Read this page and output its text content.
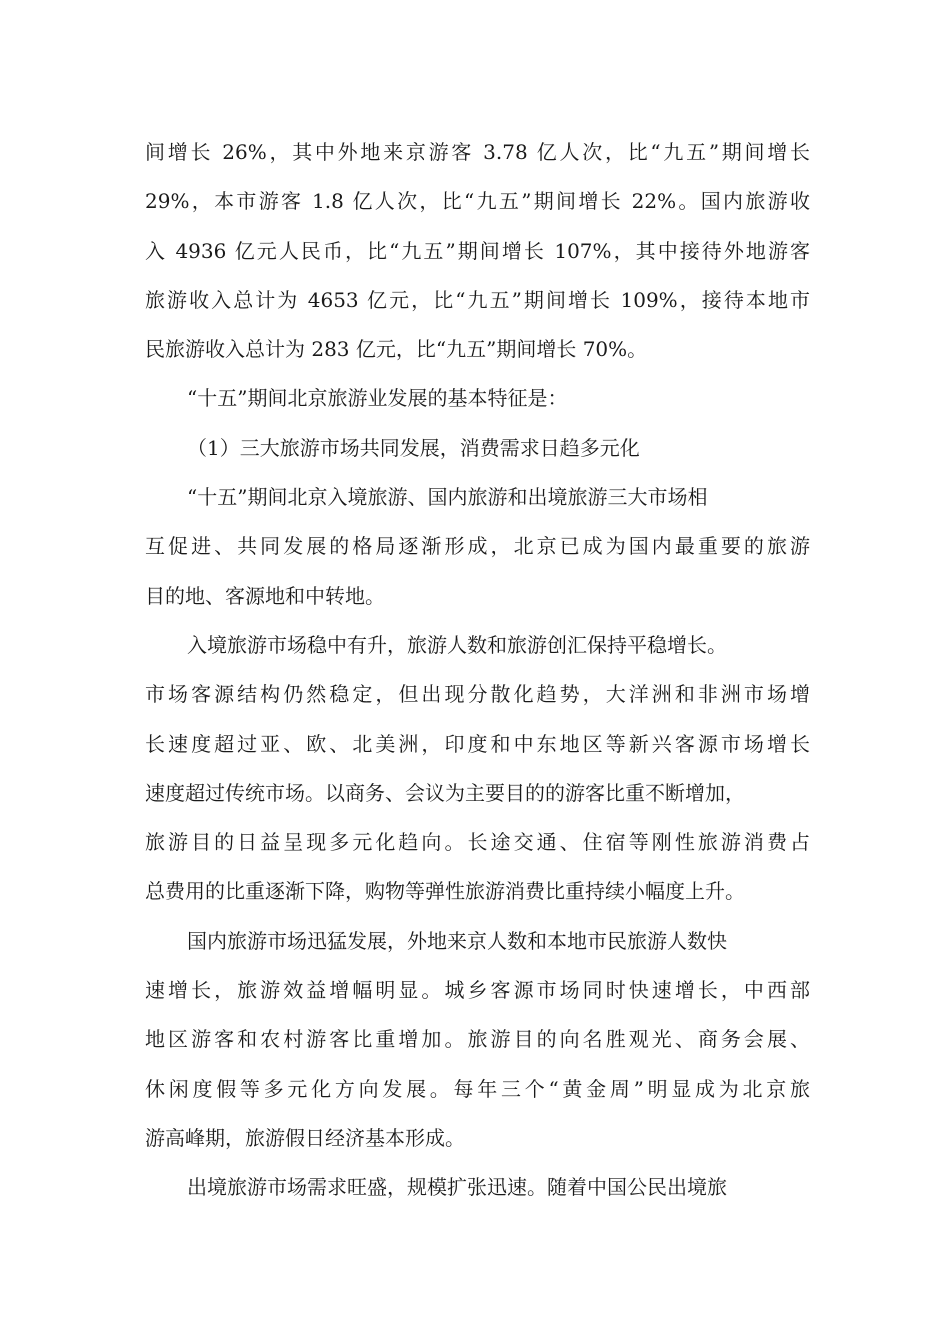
间增长 26%，其中外地来京游客 3.78 亿人次，比“九五”期间增长
29%，本市游客 1.8 亿人次，比“九五”期间增长 22%。国内旅游收
入 4936 亿元人民币，比“九五”期间增长 107%，其中接待外地游客
旅游收入总计为 4653 亿元，比“九五”期间增长 109%，接待本地市
民旅游收入总计为 283 亿元，比“九五”期间增长 70%。
“十五”期间北京旅游业发展的基本特征是：
（1）三大旅游市场共同发展，消费需求日趋多元化
“十五”期间北京入境旅游、国内旅游和出境旅游三大市场相
互促进、共同发展的格局逐渐形成，北京已成为国内最重要的旅游
目的地、客源地和中转地。
入境旅游市场稳中有升，旅游人数和旅游创汇保持平稳增长。
市场客源结构仍然稳定，但出现分散化趋势，大洋洲和非洲市场增
长速度超过亚、欧、北美洲，印度和中东地区等新兴客源市场增长
速度超过传统市场。以商务、会议为主要目的的游客比重不断增加，
旅游目的日益呈现多元化趋向。长途交通、住宿等刚性旅游消费占
总费用的比重逐渐下降，购物等弹性旅游消费比重持续小幅度上升。
国内旅游市场迅猛发展，外地来京人数和本地市民旅游人数快
速增长，旅游效益增幅明显。城乡客源市场同时快速增长，中西部
地区游客和农村游客比重增加。旅游目的向名胜观光、商务会展、
休闲度假等多元化方向发展。每年三个“黄金周”明显成为北京旅
游高峰期，旅游假日经济基本形成。
出境旅游市场需求旺盛，规模扩张迅速。随着中国公民出境旅
